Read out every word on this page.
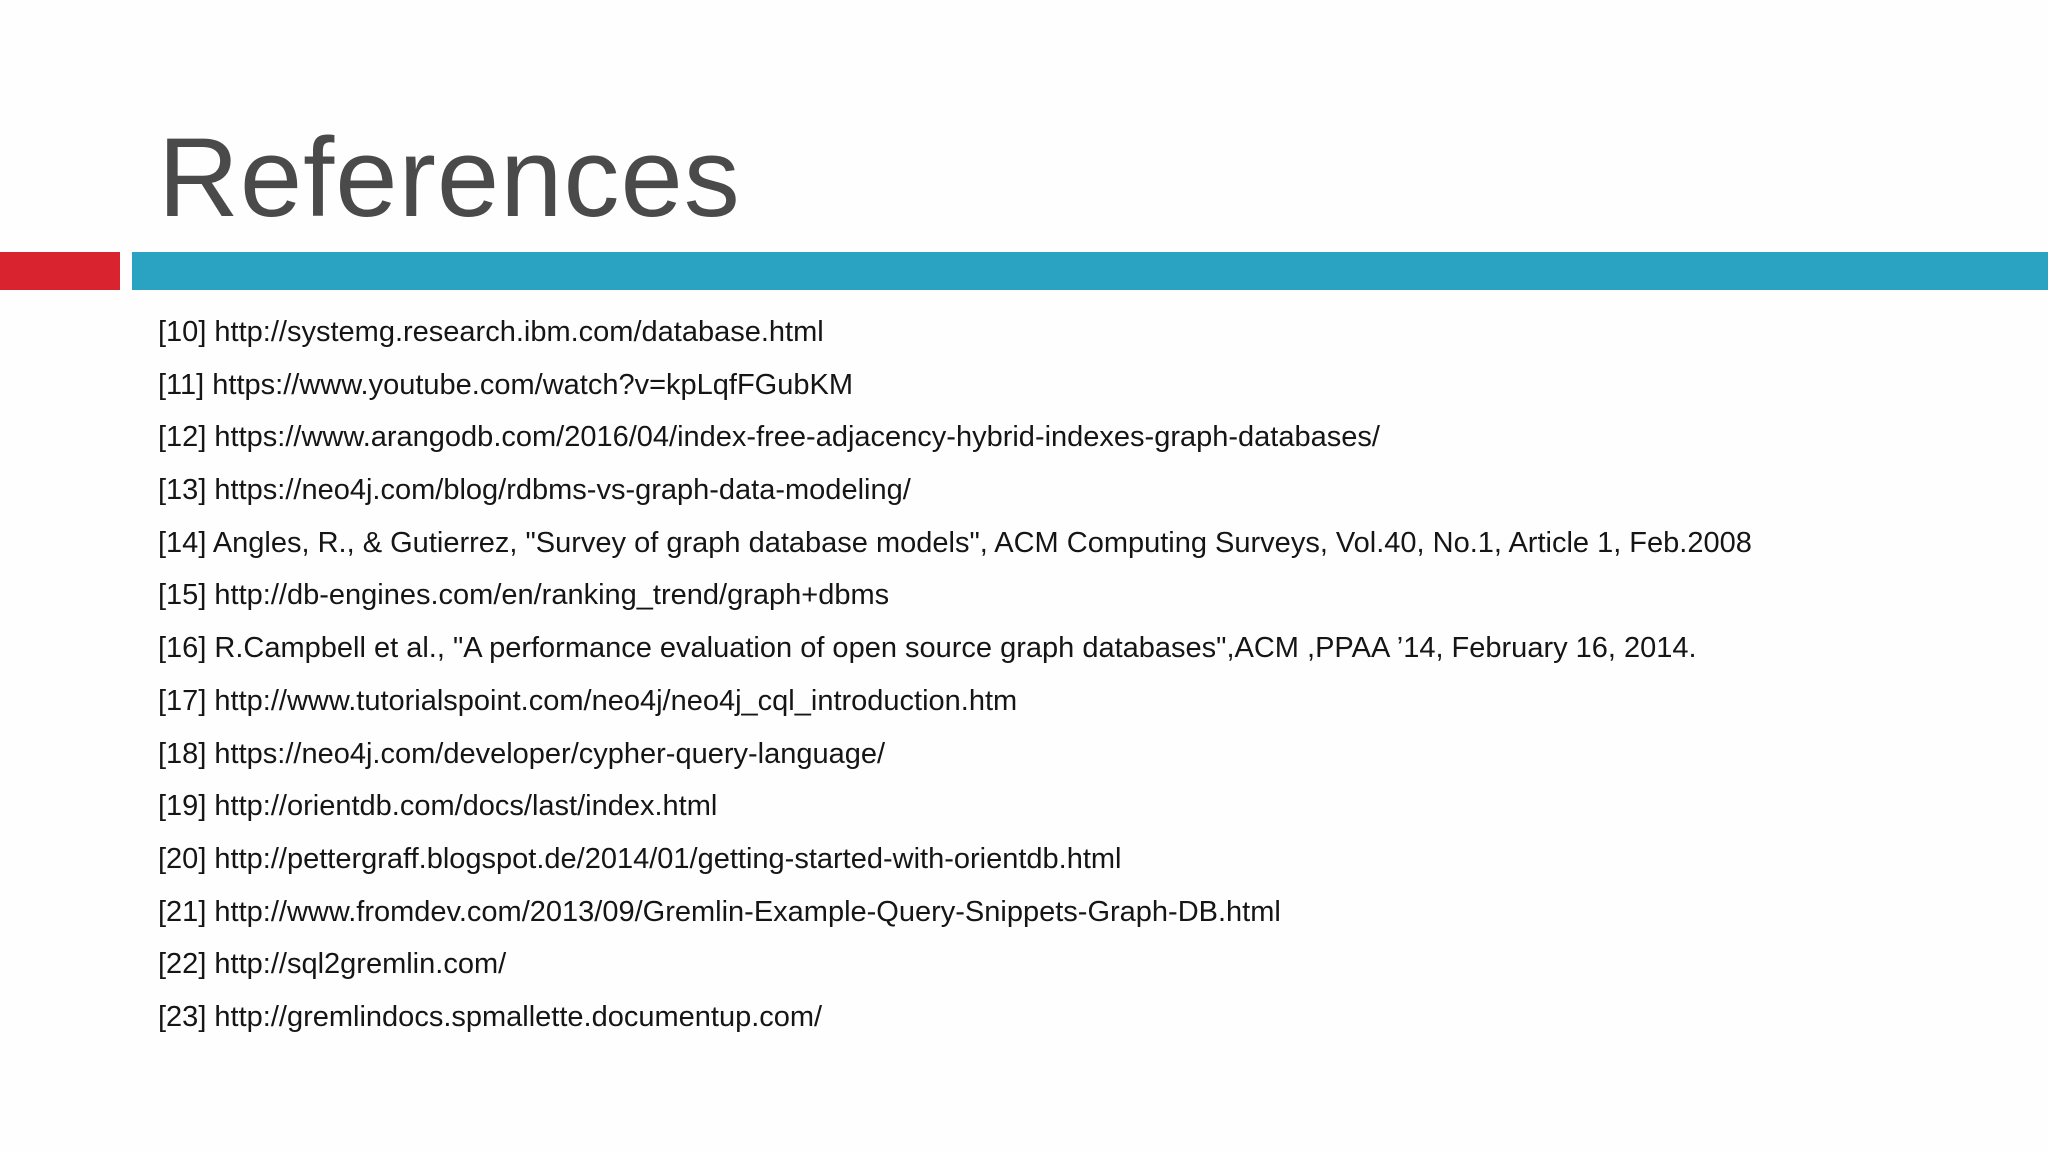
References
[10] http://systemg.research.ibm.com/database.html
[11] https://www.youtube.com/watch?v=kpLqfFGubKM
[12] https://www.arangodb.com/2016/04/index-free-adjacency-hybrid-indexes-graph-databases/
[13] https://neo4j.com/blog/rdbms-vs-graph-data-modeling/
[14] Angles, R., & Gutierrez, "Survey of graph database models", ACM Computing Surveys, Vol.40, No.1, Article 1, Feb.2008
[15] http://db-engines.com/en/ranking_trend/graph+dbms
[16] R.Campbell et al., "A performance evaluation of open source graph databases",ACM ,PPAA ’14, February 16, 2014.
[17] http://www.tutorialspoint.com/neo4j/neo4j_cql_introduction.htm
[18] https://neo4j.com/developer/cypher-query-language/
[19] http://orientdb.com/docs/last/index.html
[20] http://pettergraff.blogspot.de/2014/01/getting-started-with-orientdb.html
[21] http://www.fromdev.com/2013/09/Gremlin-Example-Query-Snippets-Graph-DB.html
[22] http://sql2gremlin.com/
[23] http://gremlindocs.spmallette.documentup.com/
